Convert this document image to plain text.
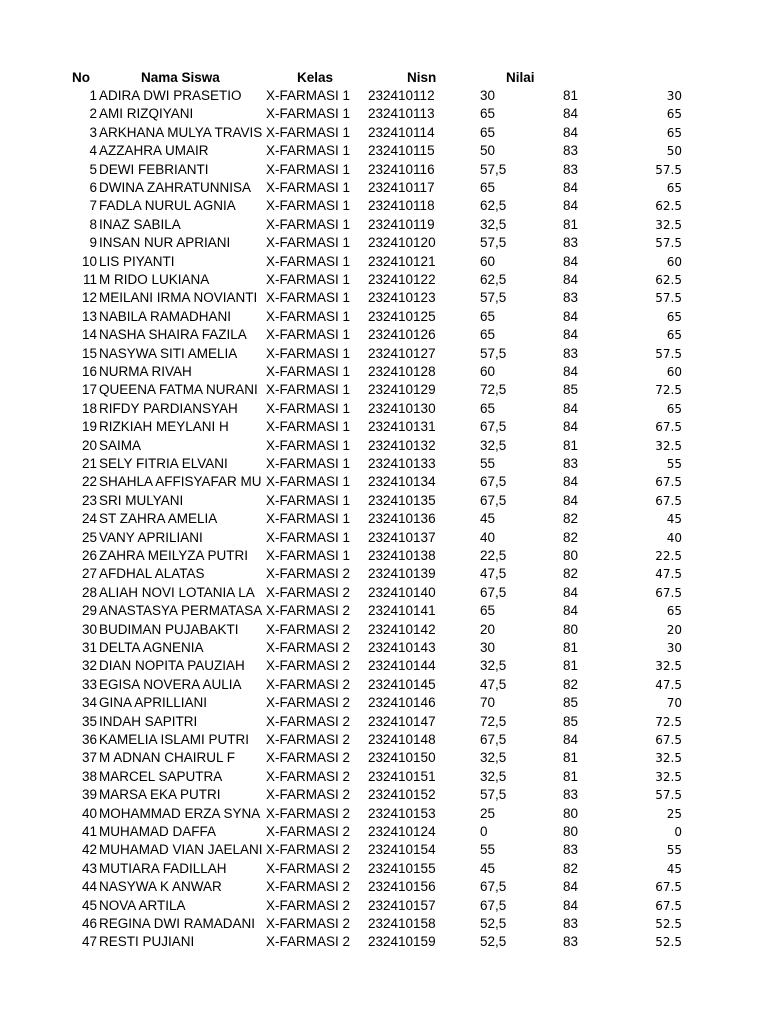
No	Nama Siswa	Kelas	Nisn	Nilai
1 ADIRA DWI PRASETIO	X-FARMASI 1	232410112	30	81	30
2 AMI RIZQIYANI	X-FARMASI 1	232410113	65	84	65
3 ARKHANA MULYA TRAVIS X-FARMASI 1	232410114	65	84	65
4 AZZAHRA UMAIR	X-FARMASI 1	232410115	50	83	50
5 DEWI FEBRIANTI	X-FARMASI 1	232410116	57,5	83	57.5
6 DWINA ZAHRATUNNISA	X-FARMASI 1	232410117	65	84	65
7 FADLA NURUL AGNIA	X-FARMASI 1	232410118	62,5	84	62.5
8 INAZ SABILA	X-FARMASI 1	232410119	32,5	81	32.5
9 INSAN NUR APRIANI	X-FARMASI 1	232410120	57,5	83	57.5
10 LIS PIYANTI	X-FARMASI 1	232410121	60	84	60
11 M RIDO LUKIANA	X-FARMASI 1	232410122	62,5	84	62.5
12 MEILANI IRMA NOVIANTI X-FARMASI 1	232410123	57,5	83	57.5
13 NABILA RAMADHANI	X-FARMASI 1	232410125	65	84	65
14 NASHA SHAIRA FAZILA	X-FARMASI 1	232410126	65	84	65
15 NASYWA SITI AMELIA	X-FARMASI 1	232410127	57,5	83	57.5
16 NURMA RIVAH	X-FARMASI 1	232410128	60	84	60
17 QUEENA FATMA NURANI X-FARMASI 1	232410129	72,5	85	72.5
18 RIFDY PARDIANSYAH	X-FARMASI 1	232410130	65	84	65
19 RIZKIAH MEYLANI H	X-FARMASI 1	232410131	67,5	84	67.5
20 SAIMA	X-FARMASI 1	232410132	32,5	81	32.5
21 SELY FITRIA ELVANI	X-FARMASI 1	232410133	55	83	55
22 SHAHLA AFFISYAFAR MU X-FARMASI 1	232410134	67,5	84	67.5
23 SRI MULYANI	X-FARMASI 1	232410135	67,5	84	67.5
24 ST ZAHRA AMELIA	X-FARMASI 1	232410136	45	82	45
25 VANY APRILIANI	X-FARMASI 1	232410137	40	82	40
26 ZAHRA MEILYZA PUTRI	X-FARMASI 1	232410138	22,5	80	22.5
27 AFDHAL ALATAS	X-FARMASI 2	232410139	47,5	82	47.5
28 ALIAH NOVI LOTANIA LA X-FARMASI 2	232410140	67,5	84	67.5
29 ANASTASYA PERMATASA X-FARMASI 2	232410141	65	84	65
30 BUDIMAN PUJABAKTI	X-FARMASI 2	232410142	20	80	20
31 DELTA AGNENIA	X-FARMASI 2	232410143	30	81	30
32 DIAN NOPITA PAUZIAH	X-FARMASI 2	232410144	32,5	81	32.5
33 EGISA NOVERA AULIA	X-FARMASI 2	232410145	47,5	82	47.5
34 GINA APRILLIANI	X-FARMASI 2	232410146	70	85	70
35 INDAH SAPITRI	X-FARMASI 2	232410147	72,5	85	72.5
36 KAMELIA ISLAMI PUTRI	X-FARMASI 2	232410148	67,5	84	67.5
37 M ADNAN CHAIRUL F	X-FARMASI 2	232410150	32,5	81	32.5
38 MARCEL SAPUTRA	X-FARMASI 2	232410151	32,5	81	32.5
39 MARSA EKA PUTRI	X-FARMASI 2	232410152	57,5	83	57.5
40 MOHAMMAD ERZA SYNA X-FARMASI 2	232410153	25	80	25
41 MUHAMAD DAFFA	X-FARMASI 2	232410124	0	80	0
42 MUHAMAD VIAN JAELANI X-FARMASI 2	232410154	55	83	55
43 MUTIARA FADILLAH	X-FARMASI 2	232410155	45	82	45
44 NASYWA K ANWAR	X-FARMASI 2	232410156	67,5	84	67.5
45 NOVA ARTILA	X-FARMASI 2	232410157	67,5	84	67.5
46 REGINA DWI RAMADANI X-FARMASI 2	232410158	52,5	83	52.5
47 RESTI PUJIANI	X-FARMASI 2	232410159	52,5	83	52.5
